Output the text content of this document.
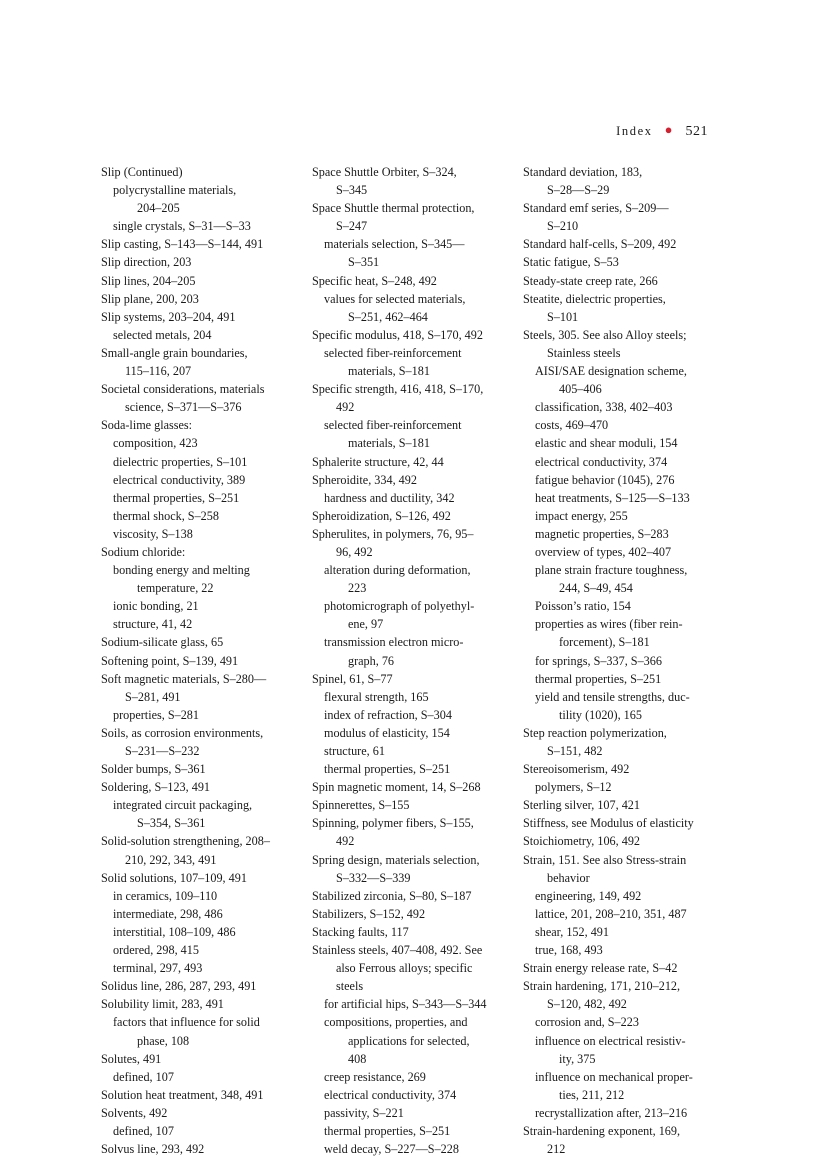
Index ● 521
Slip (Continued)
polycrystalline materials,
204–205
single crystals, S–31—S–33
Slip casting, S–143—S–144, 491
Slip direction, 203
Slip lines, 204–205
Slip plane, 200, 203
Slip systems, 203–204, 491
selected metals, 204
Small-angle grain boundaries,
115–116, 207
Societal considerations, materials
science, S–371—S–376
Soda-lime glasses:
composition, 423
dielectric properties, S–101
electrical conductivity, 389
thermal properties, S–251
thermal shock, S–258
viscosity, S–138
Sodium chloride:
bonding energy and melting
temperature, 22
ionic bonding, 21
structure, 41, 42
Sodium-silicate glass, 65
Softening point, S–139, 491
Soft magnetic materials, S–280—
S–281, 491
properties, S–281
Soils, as corrosion environments,
S–231—S–232
Solder bumps, S–361
Soldering, S–123, 491
integrated circuit packaging,
S–354, S–361
Solid-solution strengthening, 208–
210, 292, 343, 491
Solid solutions, 107–109, 491
in ceramics, 109–110
intermediate, 298, 486
interstitial, 108–109, 486
ordered, 298, 415
terminal, 297, 493
Solidus line, 286, 287, 293, 491
Solubility limit, 283, 491
factors that influence for solid
phase, 108
Solutes, 491
defined, 107
Solution heat treatment, 348, 491
Solvents, 492
defined, 107
Solvus line, 293, 492
Space Shuttle Orbiter, S–324,
S–345
Space Shuttle thermal protection,
S–247
materials selection, S–345—
S–351
Specific heat, S–248, 492
values for selected materials,
S–251, 462–464
Specific modulus, 418, S–170, 492
selected fiber-reinforcement
materials, S–181
Specific strength, 416, 418, S–170,
492
selected fiber-reinforcement
materials, S–181
Sphalerite structure, 42, 44
Spheroidite, 334, 492
hardness and ductility, 342
Spheroidization, S–126, 492
Spherulites, in polymers, 76, 95–
96, 492
alteration during deformation,
223
photomicrograph of polyethyl-
ene, 97
transmission electron micro-
graph, 76
Spinel, 61, S–77
flexural strength, 165
index of refraction, S–304
modulus of elasticity, 154
structure, 61
thermal properties, S–251
Spin magnetic moment, 14, S–268
Spinnerettes, S–155
Spinning, polymer fibers, S–155,
492
Spring design, materials selection,
S–332—S–339
Stabilized zirconia, S–80, S–187
Stabilizers, S–152, 492
Stacking faults, 117
Stainless steels, 407–408, 492. See
also Ferrous alloys; specific
steels
for artificial hips, S–343—S–344
compositions, properties, and
applications for selected,
408
creep resistance, 269
electrical conductivity, 374
passivity, S–221
thermal properties, S–251
weld decay, S–227—S–228
Standard deviation, 183,
S–28—S–29
Standard emf series, S–209—
S–210
Standard half-cells, S–209, 492
Static fatigue, S–53
Steady-state creep rate, 266
Steatite, dielectric properties,
S–101
Steels, 305. See also Alloy steels;
Stainless steels
AISI/SAE designation scheme,
405–406
classification, 338, 402–403
costs, 469–470
elastic and shear moduli, 154
electrical conductivity, 374
fatigue behavior (1045), 276
heat treatments, S–125—S–133
impact energy, 255
magnetic properties, S–283
overview of types, 402–407
plane strain fracture toughness,
244, S–49, 454
Poisson’s ratio, 154
properties as wires (fiber rein-
forcement), S–181
for springs, S–337, S–366
thermal properties, S–251
yield and tensile strengths, duc-
tility (1020), 165
Step reaction polymerization,
S–151, 482
Stereoisomerism, 492
polymers, S–12
Sterling silver, 107, 421
Stiffness, see Modulus of elasticity
Stoichiometry, 106, 492
Strain, 151. See also Stress-strain
behavior
engineering, 149, 492
lattice, 201, 208–210, 351, 487
shear, 152, 491
true, 168, 493
Strain energy release rate, S–42
Strain hardening, 171, 210–212,
S–120, 482, 492
corrosion and, S–223
influence on electrical resistiv-
ity, 375
influence on mechanical proper-
ties, 211, 212
recrystallization after, 213–216
Strain-hardening exponent, 169,
212
